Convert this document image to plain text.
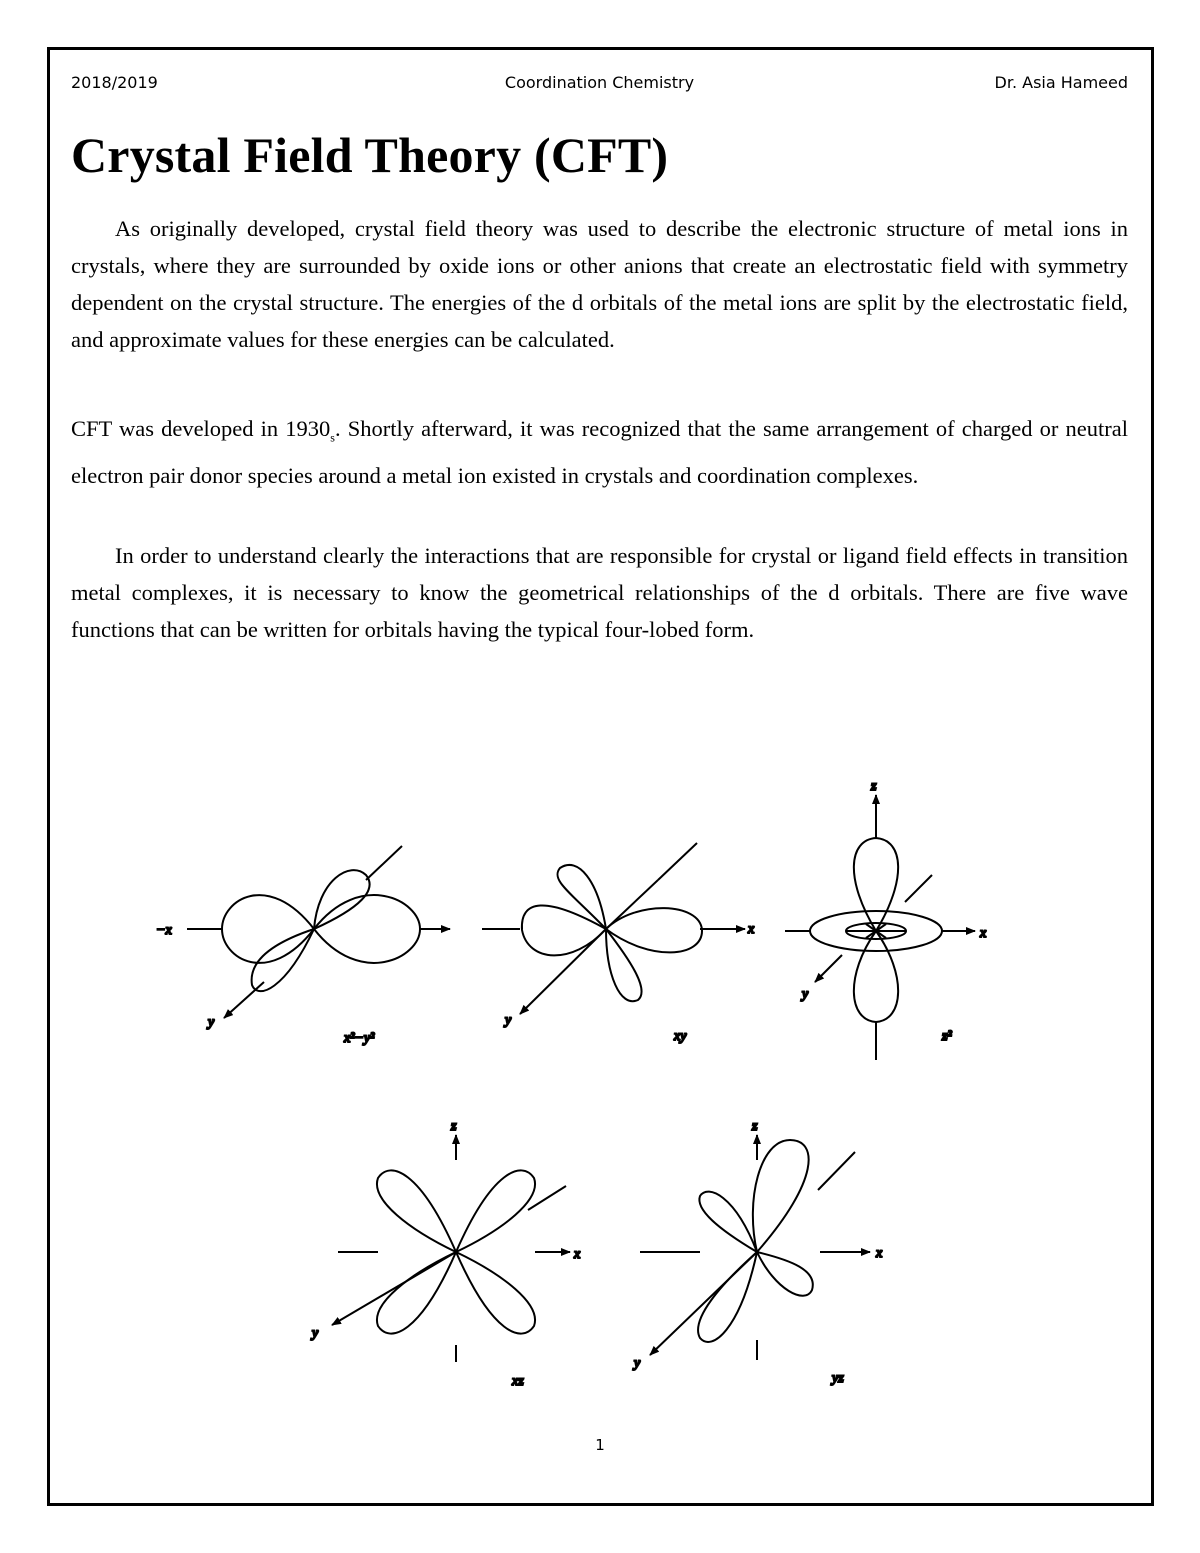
2018/2019	Coordination Chemistry	Dr. Asia Hameed
Crystal Field Theory (CFT)

As originally developed, crystal field theory was used to describe the electronic structure of metal ions in crystals, where they are surrounded by oxide ions or other anions that create an electrostatic field with symmetry dependent on the crystal structure. The energies of the d orbitals of the metal ions are split by the electrostatic field, and approximate values for these energies can be calculated.

CFT was developed in $1930_s$. Shortly afterward, it was recognized that the same arrangement of charged or neutral electron pair donor species around a metal ion existed in crystals and coordination complexes.

In order to understand clearly the interactions that are responsible for crystal or ligand field effects in transition metal complexes, it is necessary to know the geometrical relationships of the d orbitals. There are five wave functions that can be written for orbitals having the typical four-lobed form.

−x
y
x²−y²
x
y
xy
z
x
y
z²
z
x
y
xz
z
x
y
yz
1
